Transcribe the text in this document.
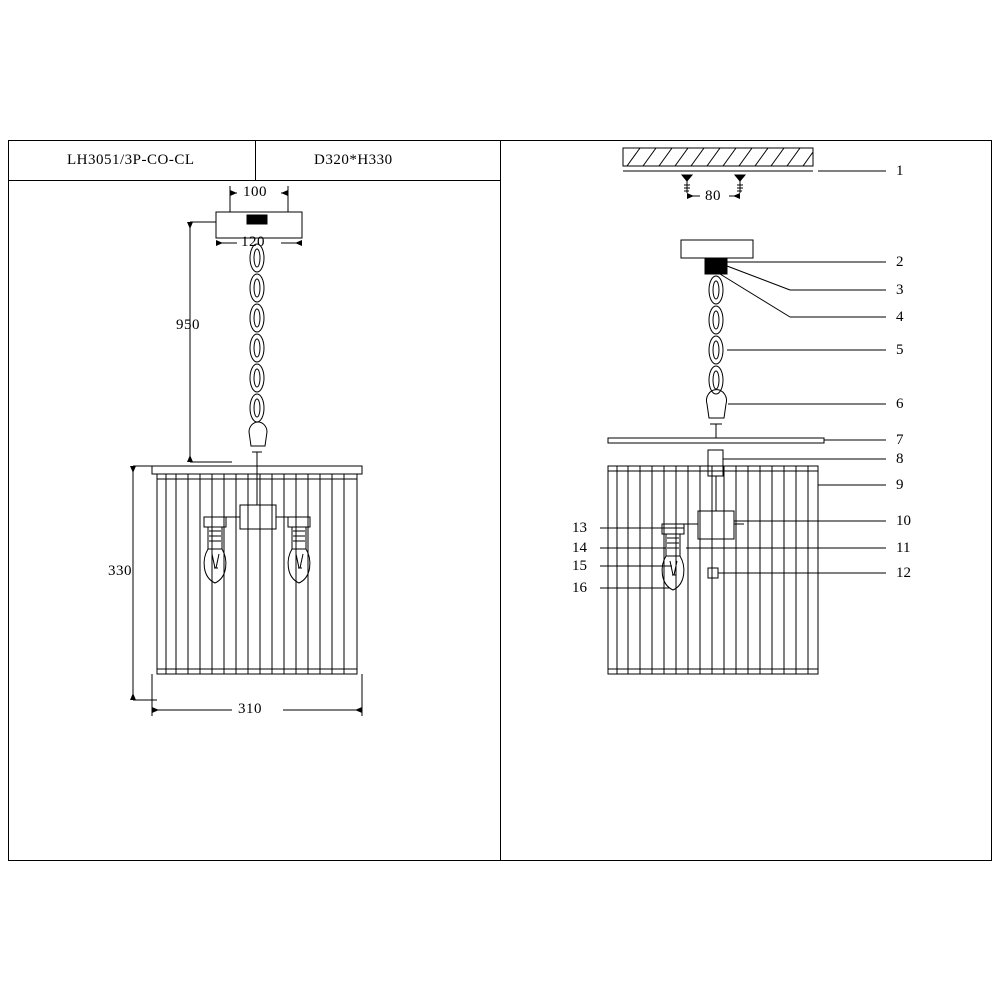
LH3051/3P-CO-CL	D320*H330
100
120
950
330
310
80
1
2
3
4
5
6
7
8
9
10
11
12
13
14
15
16
